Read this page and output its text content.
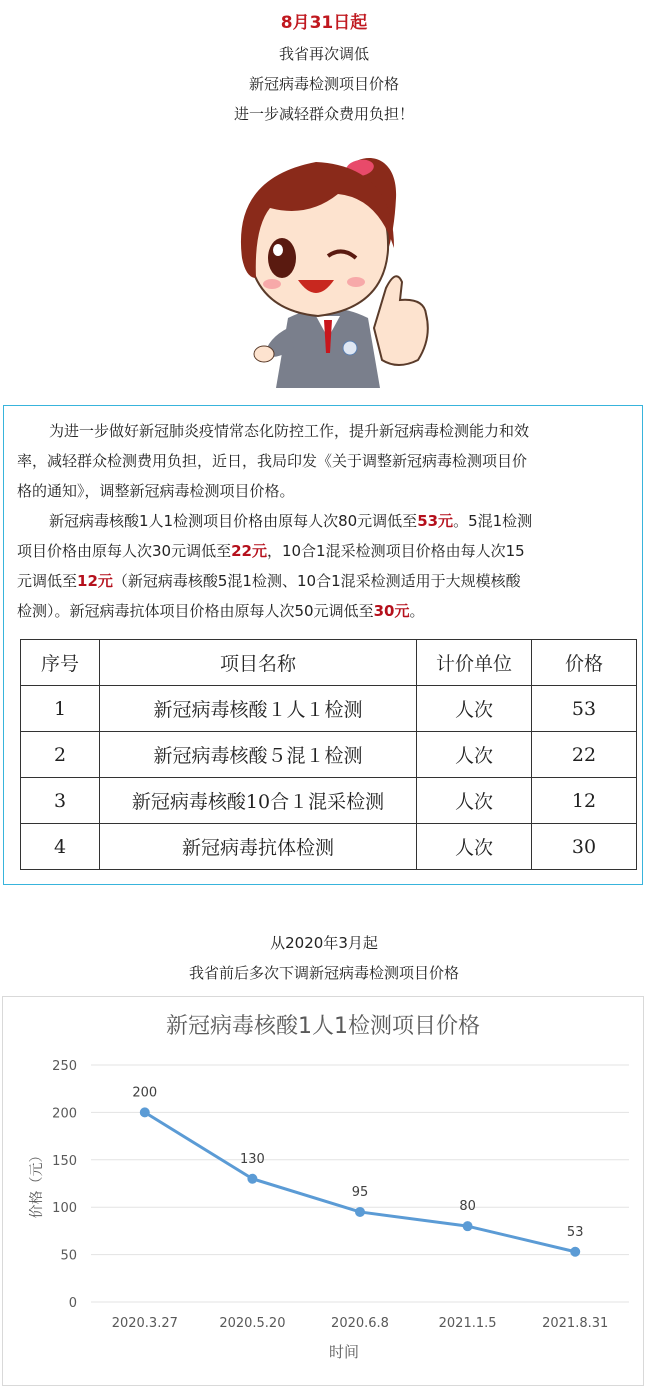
8月31日起
我省再次调低
新冠病毒检测项目价格
进一步减轻群众费用负担！
为进一步做好新冠肺炎疫情常态化防控工作，提升新冠病毒检测能力和效
率，减轻群众检测费用负担，近日，我局印发《关于调整新冠病毒检测项目价
格的通知》，调整新冠病毒检测项目价格。
新冠病毒核酸1人1检测项目价格由原每人次80元调低至53元。5混1检测
项目价格由原每人次30元调低至22元，10合1混采检测项目价格由每人次15
元调低至12元（新冠病毒核酸5混1检测、10合1混采检测适用于大规模核酸
检测）。新冠病毒抗体项目价格由原每人次50元调低至30元。
序号	项目名称	计价单位	价格
1	新冠病毒核酸１人１检测	人次	53
2	新冠病毒核酸５混１检测	人次	22
3	新冠病毒核酸10合１混采检测	人次	12
4	新冠病毒抗体检测	人次	30
从2020年3月起
我省前后多次下调新冠病毒检测项目价格
新冠病毒核酸1人1检测项目价格
0
50
100
150
200
250
价格（元）
时间
2020.3.27	2020.5.20	2020.6.8	2021.1.5	2021.8.31
200
130
95
80
53
